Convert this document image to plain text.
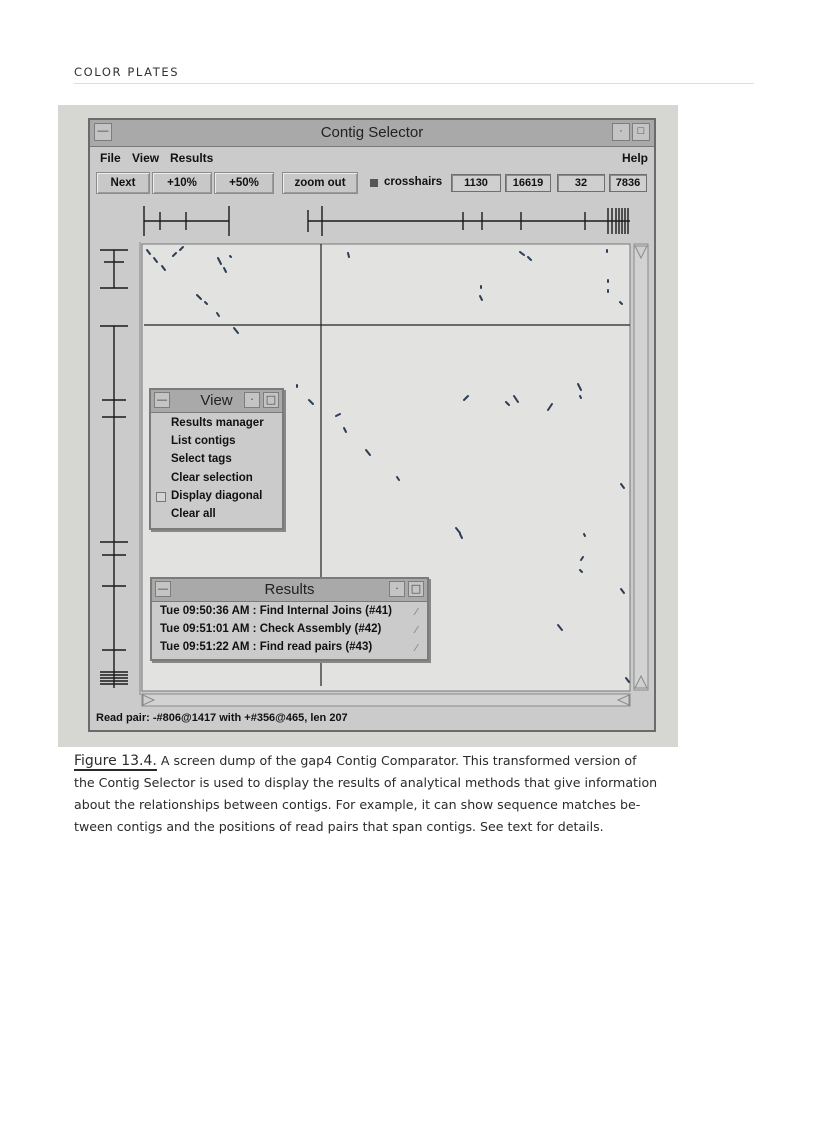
COLOR PLATES
—	Contig Selector	·	□
File View Results	Help
Next	+10%	+50%	zoom out	crosshairs	1130	16619	32	7836
Read pair: -#806@1417 with +#356@465, len 207
—	View	·	□
Results manager
List contigs
Select tags
Clear selection
Display diagonal
Clear all
—	Results	·	□
Tue 09:50:36 AM : Find Internal Joins (#41) ⁄
Tue 09:51:01 AM : Check Assembly (#42)	⁄
Tue 09:51:22 AM : Find read pairs (#43)	⁄
Figure 13.4. A screen dump of the gap4 Contig Comparator. This transformed version of
the Contig Selector is used to display the results of analytical methods that give information
about the relationships between contigs. For example, it can show sequence matches be-
tween contigs and the positions of read pairs that span contigs. See text for details.
